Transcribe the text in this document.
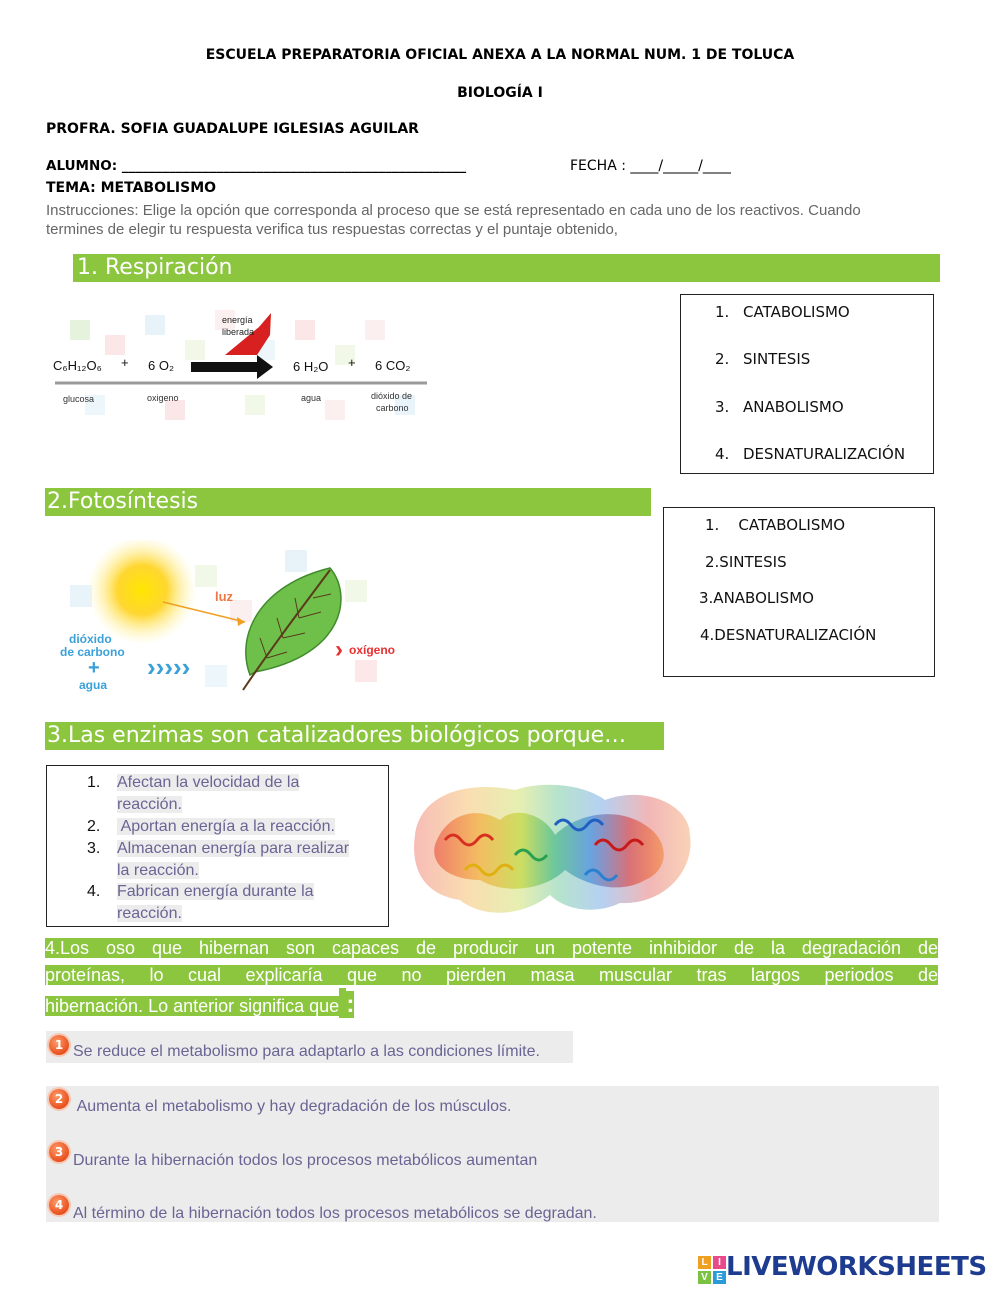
ESCUELA PREPARATORIA OFICIAL ANEXA A LA NORMAL NUM. 1 DE TOLUCA
BIOLOGÍA I
PROFRA. SOFIA GUADALUPE IGLESIAS AGUILAR
ALUMNO: ___________________________________________________	FECHA : ____/_____/____
TEMA: METABOLISMO
Instrucciones: Elige la opción que corresponda al proceso que se está representado en cada uno de los reactivos. Cuando
termines de elegir tu respuesta verifica tus respuestas correctas y el puntaje obtenido,
1. Respiración
energía
liberada
C₆H₁₂O₆ + 6 O₂	6 H₂O + 6 CO₂
glucosa	oxigeno	agua	dióxido de
carbono
1. CATABOLISMO
2. SINTESIS
3. ANABOLISMO
4. DESNATURALIZACIÓN
2.Fotosíntesis
luz
dióxido
de carbono
+
agua
›››››
› oxígeno
1.    CATABOLISMO
2.SINTESIS
3.ANABOLISMO
4.DESNATURALIZACIÓN
3.Las enzimas son catalizadores biológicos porque…
1. Afectan la velocidad de la
reacción.
2. Aportan energía a la reacción.
3. Almacenan energía para realizar
la reacción.
4. Fabrican energía durante la
reacción.
4.Los oso que hibernan son capaces de producir un potente inhibidor de la degradación de
proteínas, lo cual explicaría que no pierden masa muscular tras largos periodos de
hibernación. Lo anterior significa que :
1 Se reduce el metabolismo para adaptarlo a las condiciones límite.
2 Aumenta el metabolismo y hay degradación de los músculos.
3 Durante la hibernación todos los procesos metabólicos aumentan
4 Al término de la hibernación todos los procesos metabólicos se degradan.
L	I
V E LIVEWORKSHEETS
